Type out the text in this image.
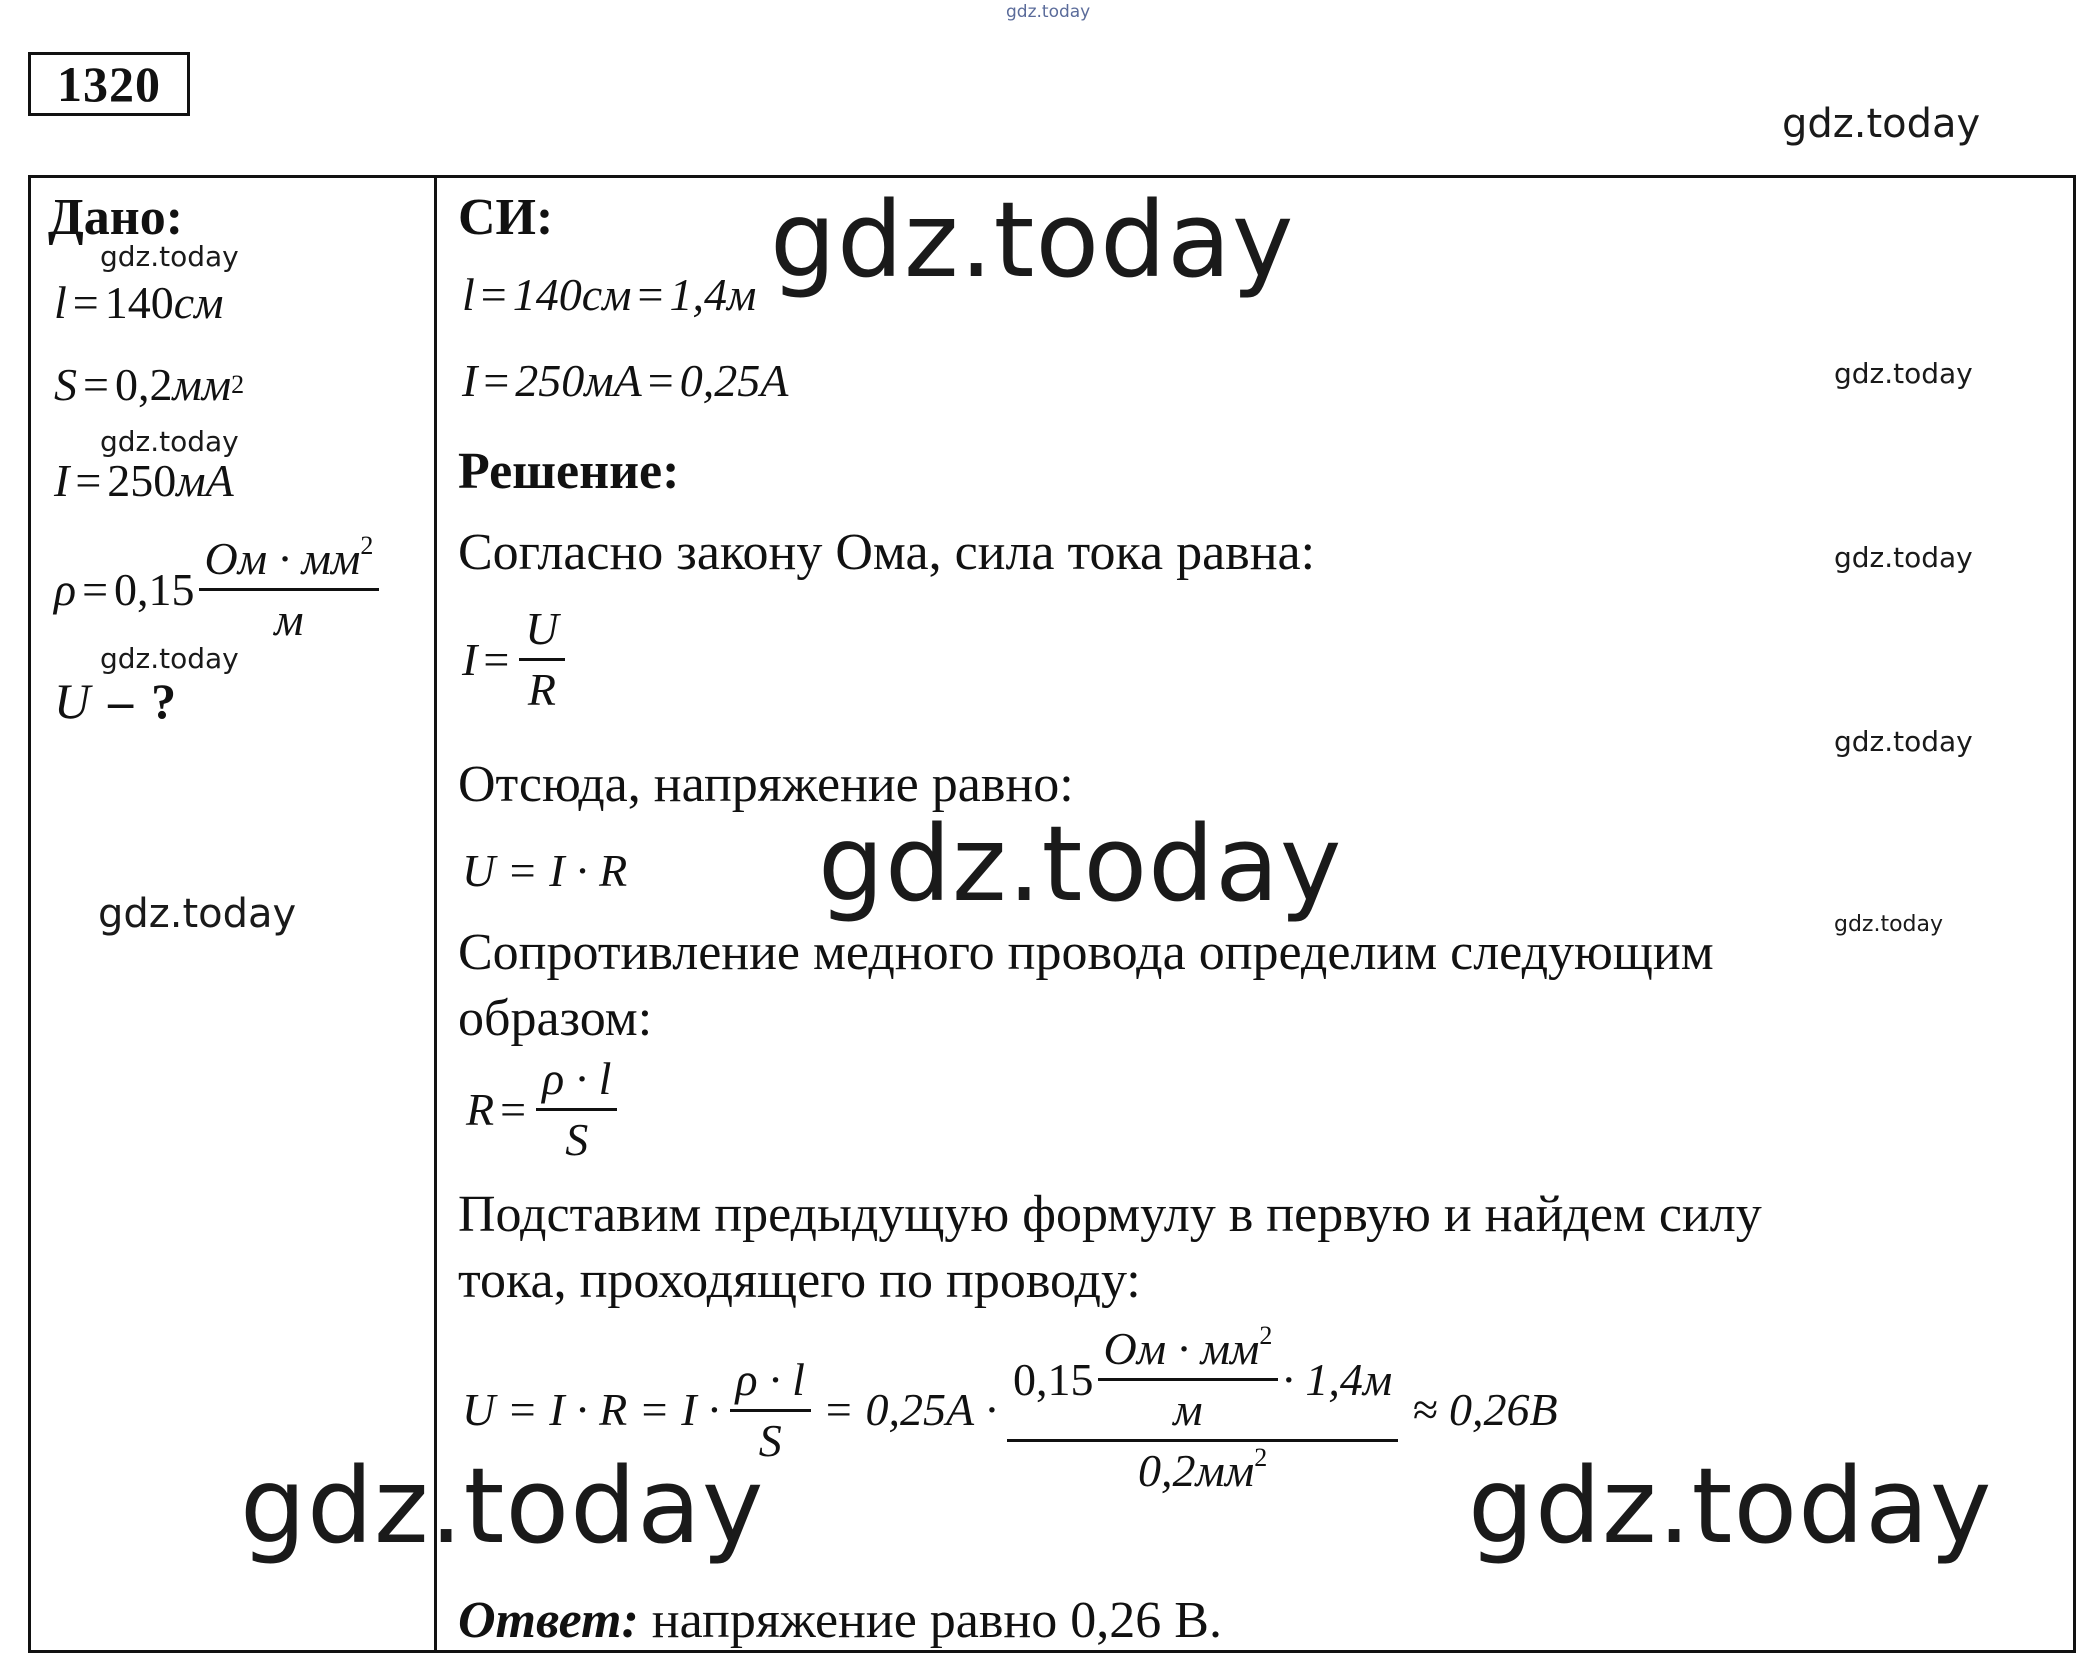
1320
gdz.today
gdz.today
Дано:
gdz.today
l = 140 см
S = 0,2 мм 2
gdz.today
I = 250 мА
$\rho = 0,15 \frac{Ом \cdot мм^2}{м}$
gdz.today
U – ?
gdz.today
СИ:
l = 140см = 1,4м
I = 250мА = 0,25А
gdz.today
gdz.today
Решение:
Согласно закону Ома, сила тока равна:	gdz.today
$I = \frac{U}{R}$
gdz.today
Отсюда, напряжение равно:
U = I · R gdz.today	gdz.today
Сопротивление медного провода определим следующим
образом:
$R = \frac{\rho \cdot l}{S}$
Подставим предыдущую формулу в первую и найдем силу
тока, проходящего по проводу:
$U = I \cdot R = I \cdot \frac{\rho \cdot l}{S} = 0,25А$ ·
$0,15 \frac{Ом \cdot мм^2}{м} \cdot 1,4м$
$0,2мм^2$
≈ 0,26В
gdz.today	gdz.today
Ответ: напряжение равно 0,26 В.
